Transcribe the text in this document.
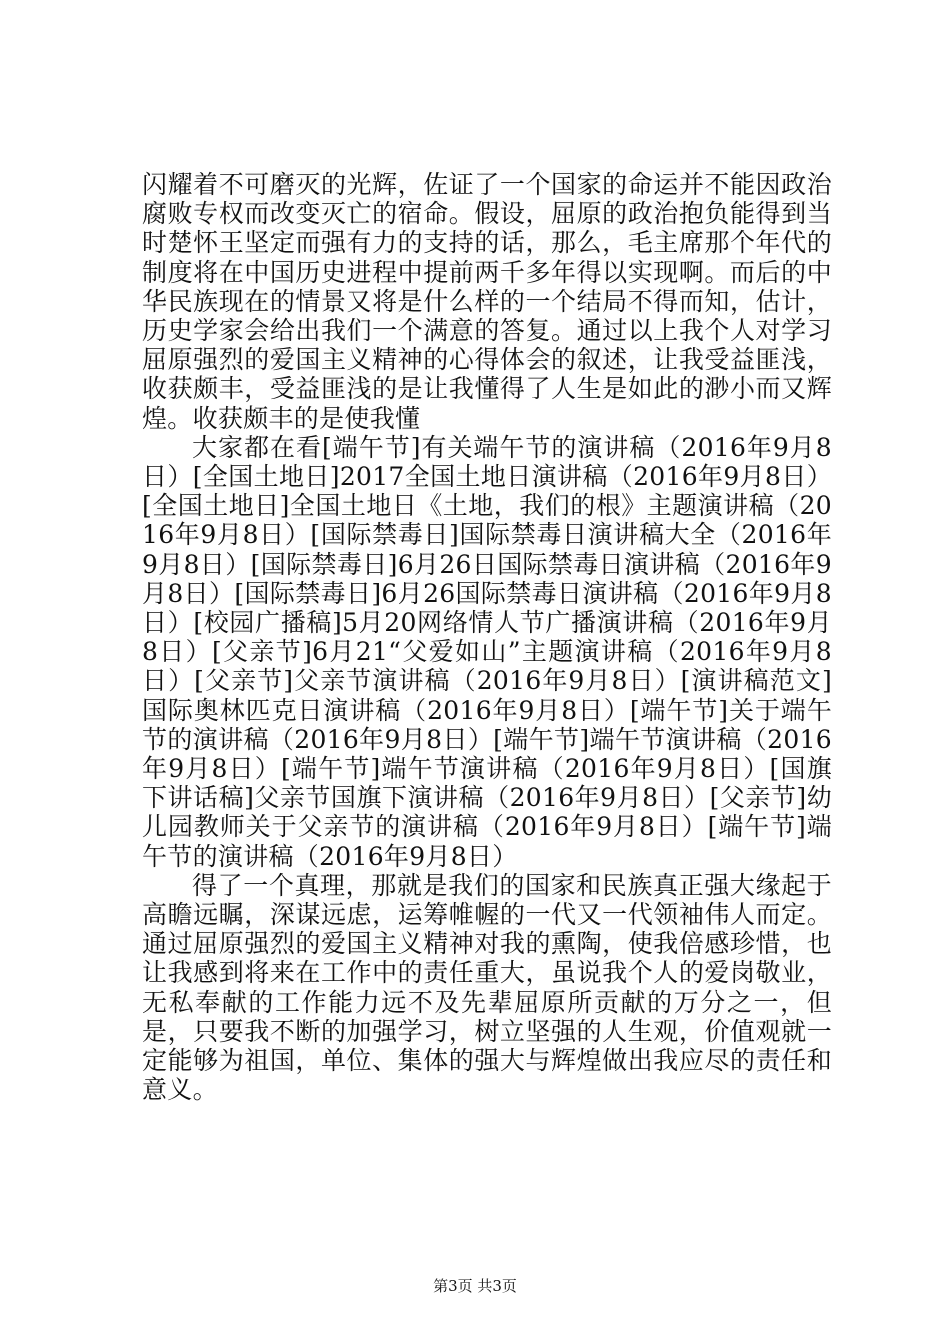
闪耀着不可磨灭的光辉，佐证了一个国家的命运并不能因政治腐败专权而改变灭亡的宿命。假设，屈原的政治抱负能得到当时楚怀王坚定而强有力的支持的话，那么，毛主席那个年代的制度将在中国历史进程中提前两千多年得以实现啊。而后的中华民族现在的情景又将是什么样的一个结局不得而知，估计，历史学家会给出我们一个满意的答复。通过以上我个人对学习屈原强烈的爱国主义精神的心得体会的叙述，让我受益匪浅，收获颇丰，受益匪浅的是让我懂得了人生是如此的渺小而又辉煌。收获颇丰的是使我懂

大家都在看[端午节]有关端午节的演讲稿（2016年9月8日）[全国土地日]2017全国土地日演讲稿（2016年9月8日）[全国土地日]全国土地日《土地，我们的根》主题演讲稿（2016年9月8日）[国际禁毒日]国际禁毒日演讲稿大全（2016年9月8日）[国际禁毒日]6月26日国际禁毒日演讲稿（2016年9月8日）[国际禁毒日]6月26国际禁毒日演讲稿（2016年9月8日）[校园广播稿]5月20网络情人节广播演讲稿（2016年9月8日）[父亲节]6月21“父爱如山”主题演讲稿（2016年9月8日）[父亲节]父亲节演讲稿（2016年9月8日）[演讲稿范文]国际奥林匹克日演讲稿（2016年9月8日）[端午节]关于端午节的演讲稿（2016年9月8日）[端午节]端午节演讲稿（2016年9月8日）[端午节]端午节演讲稿（2016年9月8日）[国旗下讲话稿]父亲节国旗下演讲稿（2016年9月8日）[父亲节]幼儿园教师关于父亲节的演讲稿（2016年9月8日）[端午节]端午节的演讲稿（2016年9月8日）

得了一个真理，那就是我们的国家和民族真正强大缘起于高瞻远瞩，深谋远虑，运筹帷幄的一代又一代领袖伟人而定。通过屈原强烈的爱国主义精神对我的熏陶，使我倍感珍惜，也让我感到将来在工作中的责任重大，虽说我个人的爱岗敬业，无私奉献的工作能力远不及先辈屈原所贡献的万分之一，但是，只要我不断的加强学习，树立坚强的人生观，价值观就一定能够为祖国，单位、集体的强大与辉煌做出我应尽的责任和意义。

第3页 共3页
